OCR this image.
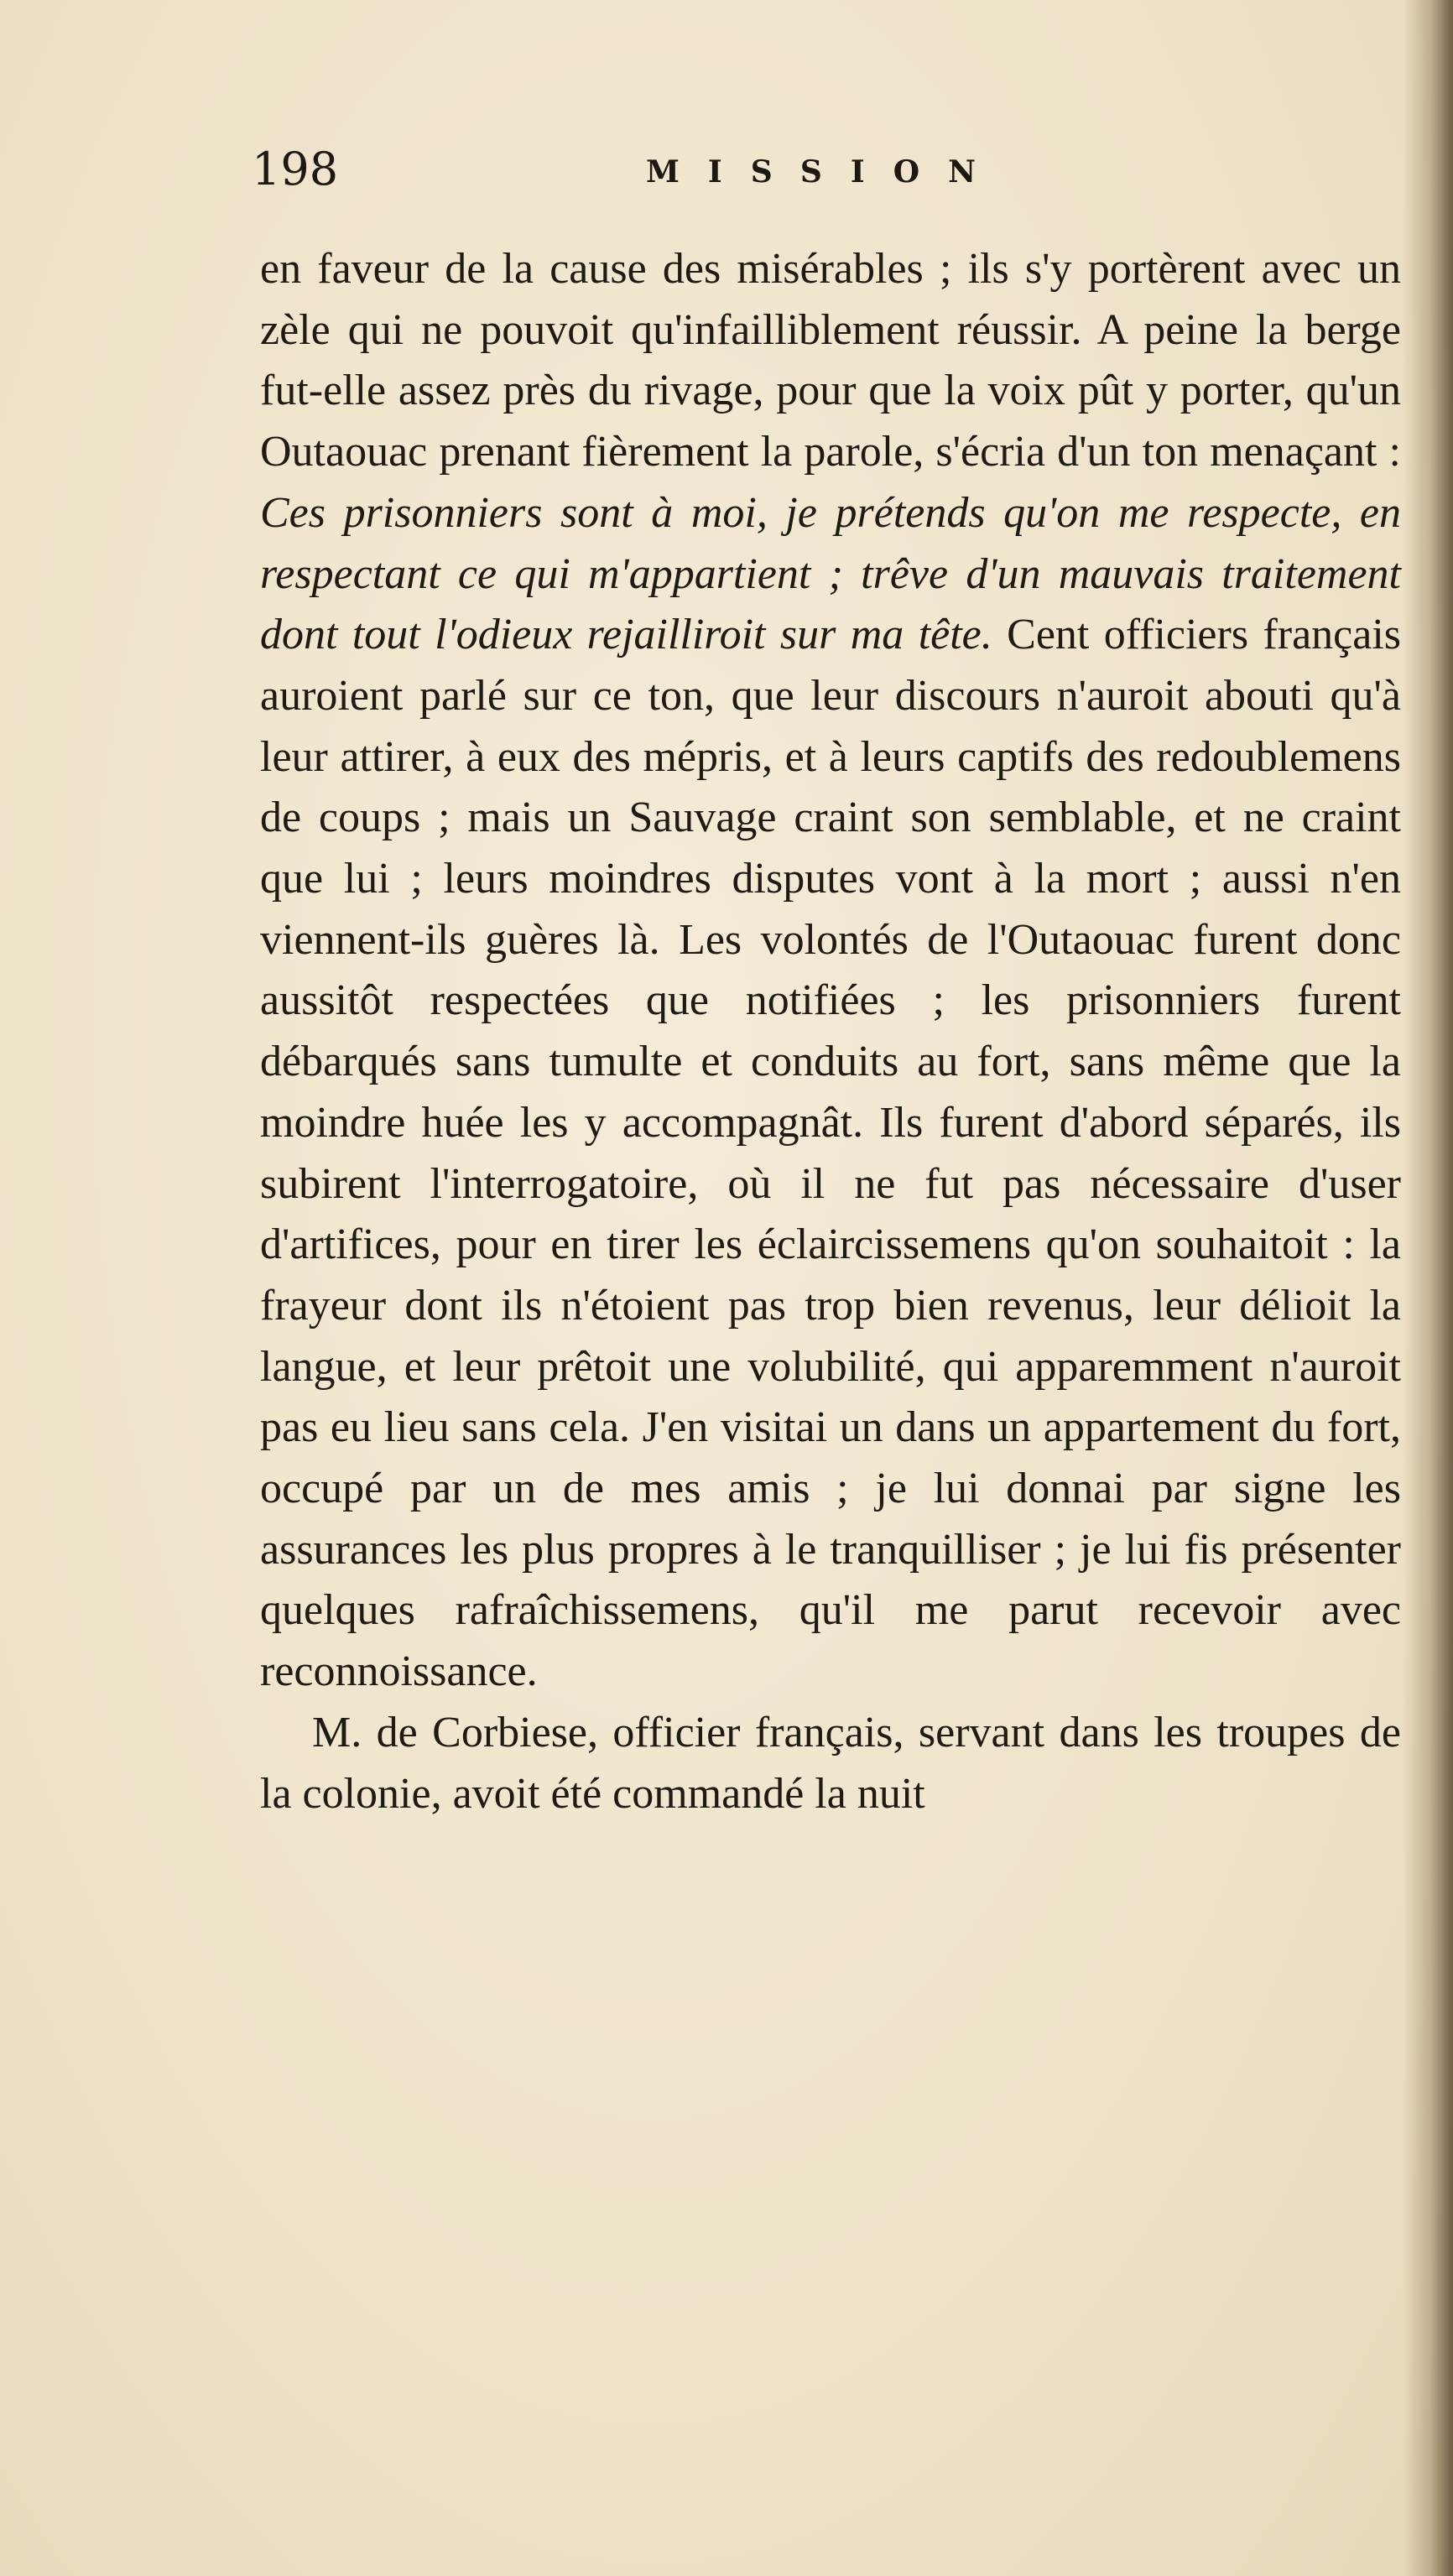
198	MISSION

en faveur de la cause des misérables ; ils s'y portèrent avec un zèle qui ne pouvoit qu'infailliblement réussir. A peine la berge fut-elle assez près du rivage, pour que la voix pût y porter, qu'un Outaouac prenant fièrement la parole, s'écria d'un ton menaçant : Ces prisonniers sont à moi, je prétends qu'on me respecte, en respectant ce qui m'appartient ; trêve d'un mauvais traitement dont tout l'odieux rejailliroit sur ma tête. Cent officiers français auroient parlé sur ce ton, que leur discours n'auroit abouti qu'à leur attirer, à eux des mépris, et à leurs captifs des redoublemens de coups ; mais un Sauvage craint son semblable, et ne craint que lui ; leurs moindres disputes vont à la mort ; aussi n'en viennent-ils guères là. Les volontés de l'Outaouac furent donc aussitôt respectées que notifiées ; les prisonniers furent débarqués sans tumulte et conduits au fort, sans même que la moindre huée les y accompagnât. Ils furent d'abord séparés, ils subirent l'interrogatoire, où il ne fut pas nécessaire d'user d'artifices, pour en tirer les éclaircissemens qu'on souhaitoit : la frayeur dont ils n'étoient pas trop bien revenus, leur délioit la langue, et leur prêtoit une volubilité, qui apparemment n'auroit pas eu lieu sans cela. J'en visitai un dans un appartement du fort, occupé par un de mes amis ; je lui donnai par signe les assurances les plus propres à le tranquilliser ; je lui fis présenter quelques rafraîchissemens, qu'il me parut recevoir avec reconnoissance.

M. de Corbiese, officier français, servant dans les troupes de la colonie, avoit été commandé la nuit
